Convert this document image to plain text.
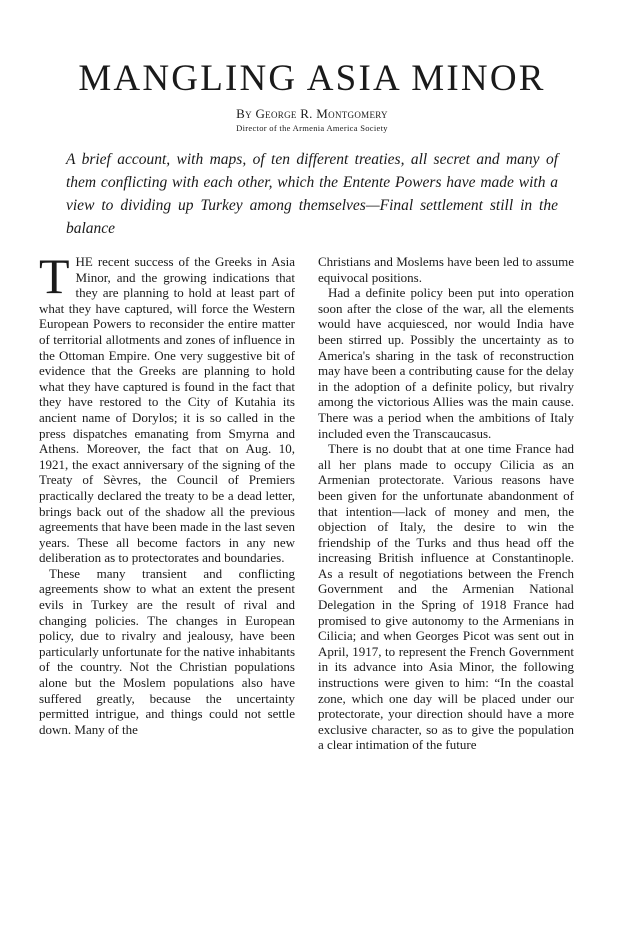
MANGLING ASIA MINOR
By George R. Montgomery
Director of the Armenia America Society

A brief account, with maps, of ten different treaties, all secret and many of them conflicting with each other, which the Entente Powers have made with a view to dividing up Turkey among themselves—Final settlement still in the balance

THE recent success of the Greeks in Asia Minor, and the growing indications that they are planning to hold at least part of what they have captured, will force the Western European Powers to reconsider the entire matter of territorial allotments and zones of influence in the Ottoman Empire. One very suggestive bit of evidence that the Greeks are planning to hold what they have captured is found in the fact that they have restored to the City of Kutahia its ancient name of Dorylos; it is so called in the press dispatches emanating from Smyrna and Athens. Moreover, the fact that on Aug. 10, 1921, the exact anniversary of the signing of the Treaty of Sèvres, the Council of Premiers practically declared the treaty to be a dead letter, brings back out of the shadow all the previous agreements that have been made in the last seven years. These all become factors in any new deliberation as to protectorates and boundaries.

These many transient and conflicting agreements show to what an extent the present evils in Turkey are the result of rival and changing policies. The changes in European policy, due to rivalry and jealousy, have been particularly unfortunate for the native inhabitants of the country. Not the Christian populations alone but the Moslem populations also have suffered greatly, because the uncertainty permitted intrigue, and things could not settle down. Many of the

Christians and Moslems have been led to assume equivocal positions.

Had a definite policy been put into operation soon after the close of the war, all the elements would have acquiesced, nor would India have been stirred up. Possibly the uncertainty as to America's sharing in the task of reconstruction may have been a contributing cause for the delay in the adoption of a definite policy, but rivalry among the victorious Allies was the main cause. There was a period when the ambitions of Italy included even the Transcaucasus.

There is no doubt that at one time France had all her plans made to occupy Cilicia as an Armenian protectorate. Various reasons have been given for the unfortunate abandonment of that intention—lack of money and men, the objection of Italy, the desire to win the friendship of the Turks and thus head off the increasing British influence at Constantinople. As a result of negotiations between the French Government and the Armenian National Delegation in the Spring of 1918 France had promised to give autonomy to the Armenians in Cilicia; and when Georges Picot was sent out in April, 1917, to represent the French Government in its advance into Asia Minor, the following instructions were given to him: “In the coastal zone, which one day will be placed under our protectorate, your direction should have a more exclusive character, so as to give the population a clear intimation of the future
